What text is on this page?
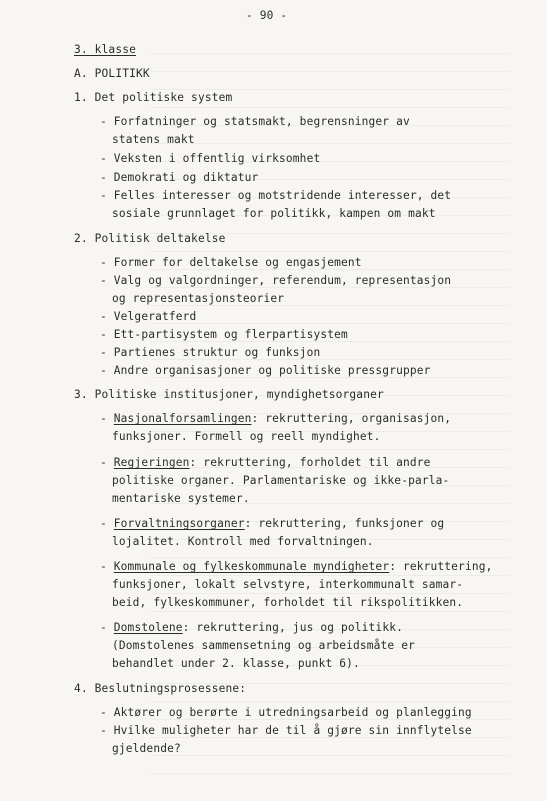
- 90 -
3. klasse
A. POLITIKK
1. Det politiske system
- Forfatninger og statsmakt, begrensninger av
statens makt
- Veksten i offentlig virksomhet
- Demokrati og diktatur
- Felles interesser og motstridende interesser, det
sosiale grunnlaget for politikk, kampen om makt
2. Politisk deltakelse
- Former for deltakelse og engasjement
- Valg og valgordninger, referendum, representasjon
og representasjonsteorier
- Velgeratferd
- Ett-partisystem og flerpartisystem
- Partienes struktur og funksjon
- Andre organisasjoner og politiske pressgrupper
3. Politiske institusjoner, myndighetsorganer
- Nasjonalforsamlingen: rekruttering, organisasjon,
funksjoner. Formell og reell myndighet.
- Regjeringen: rekruttering, forholdet til andre
politiske organer. Parlamentariske og ikke-parla-
mentariske systemer.
- Forvaltningsorganer: rekruttering, funksjoner og
lojalitet. Kontroll med forvaltningen.
- Kommunale og fylkeskommunale myndigheter: rekruttering,
funksjoner, lokalt selvstyre, interkommunalt samar-
beid, fylkeskommuner, forholdet til rikspolitikken.
- Domstolene: rekruttering, jus og politikk.
(Domstolenes sammensetning og arbeidsmåte er
behandlet under 2. klasse, punkt 6).
4. Beslutningsprosessene:
- Aktører og berørte i utredningsarbeid og planlegging
- Hvilke muligheter har de til å gjøre sin innflytelse
gjeldende?
